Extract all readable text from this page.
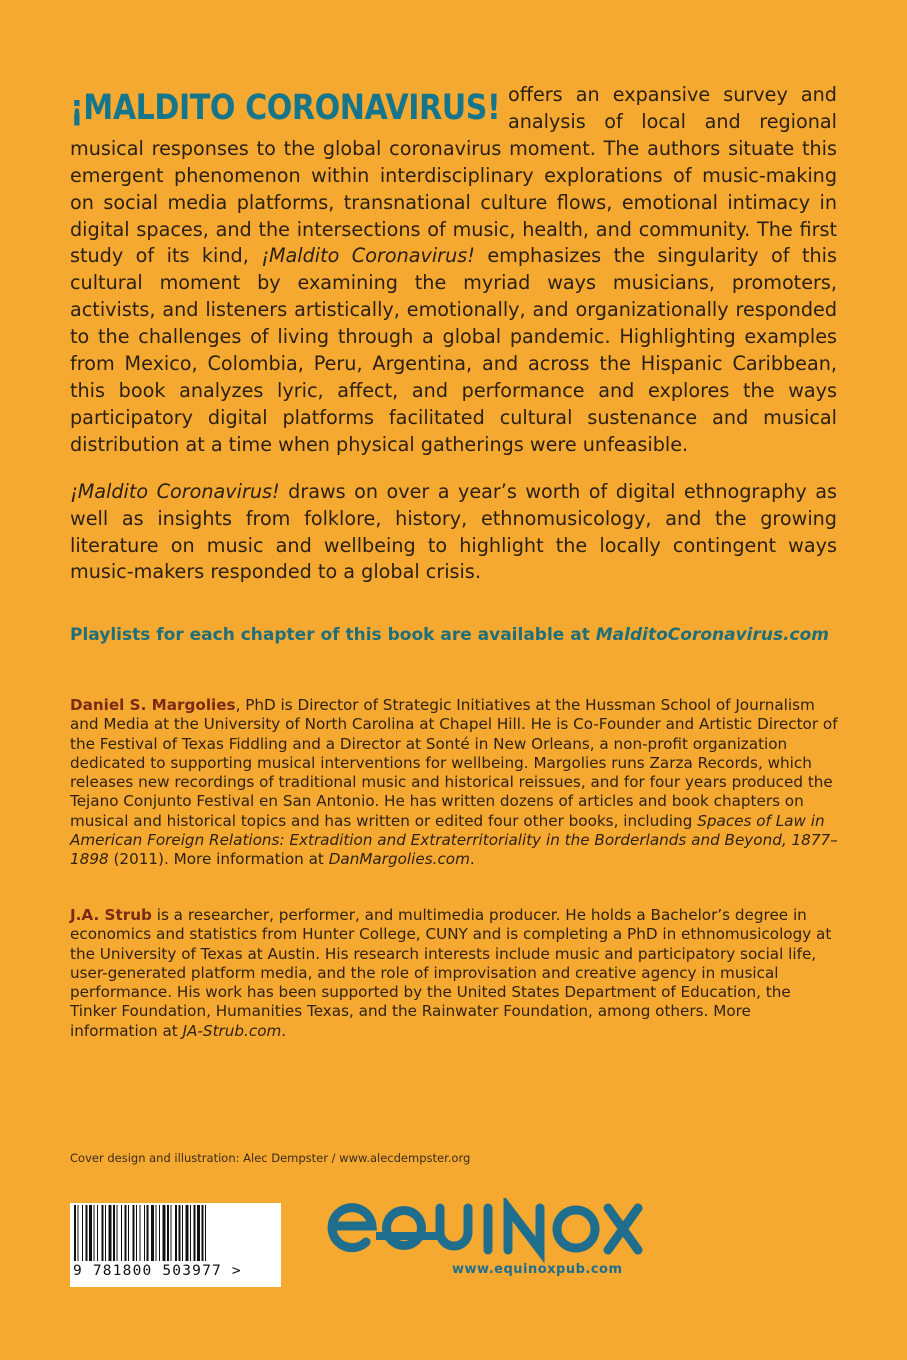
¡MALDITO CORONAVIRUS! offers an expansive survey and analysis of local and regional musical responses to the global coronavirus moment. The authors situate this emergent phenomenon within interdisciplinary explorations of music-making on social media platforms, transnational culture flows, emotional intimacy in digital spaces, and the intersections of music, health, and community. The first study of its kind, ¡Maldito Coronavirus! emphasizes the singularity of this cultural moment by examining the myriad ways musicians, promoters, activists, and listeners artistically, emotionally, and organizationally responded to the challenges of living through a global pandemic. Highlighting examples from Mexico, Colombia, Peru, Argentina, and across the Hispanic Caribbean, this book analyzes lyric, affect, and performance and explores the ways participatory digital platforms facilitated cultural sustenance and musical distribution at a time when physical gatherings were unfeasible.

¡Maldito Coronavirus! draws on over a year’s worth of digital ethnography as well as insights from folklore, history, ethnomusicology, and the growing literature on music and wellbeing to highlight the locally contingent ways music-makers responded to a global crisis.

Playlists for each chapter of this book are available at MalditoCoronavirus.com
Daniel S. Margolies, PhD is Director of Strategic Initiatives at the Hussman School of Journalism and Media at the University of North Carolina at Chapel Hill. He is Co-Founder and Artistic Director of the Festival of Texas Fiddling and a Director at Sonté in New Orleans, a non-profit organization dedicated to supporting musical interventions for wellbeing. Margolies runs Zarza Records, which releases new recordings of traditional music and historical reissues, and for four years produced the Tejano Conjunto Festival en San Antonio. He has written dozens of articles and book chapters on musical and historical topics and has written or edited four other books, including Spaces of Law in American Foreign Relations: Extradition and Extraterritoriality in the Borderlands and Beyond, 1877–1898 (2011). More information at DanMargolies.com.
J.A. Strub is a researcher, performer, and multimedia producer. He holds a Bachelor’s degree in economics and statistics from Hunter College, CUNY and is completing a PhD in ethnomusicology at the University of Texas at Austin. His research interests include music and participatory social life, user-generated platform media, and the role of improvisation and creative agency in musical performance. His work has been supported by the United States Department of Education, the Tinker Foundation, Humanities Texas, and the Rainwater Foundation, among others. More information at JA-Strub.com.
Cover design and illustration: Alec Dempster / www.alecdempster.org
9 781800 503977 >	www.equinoxpub.com
